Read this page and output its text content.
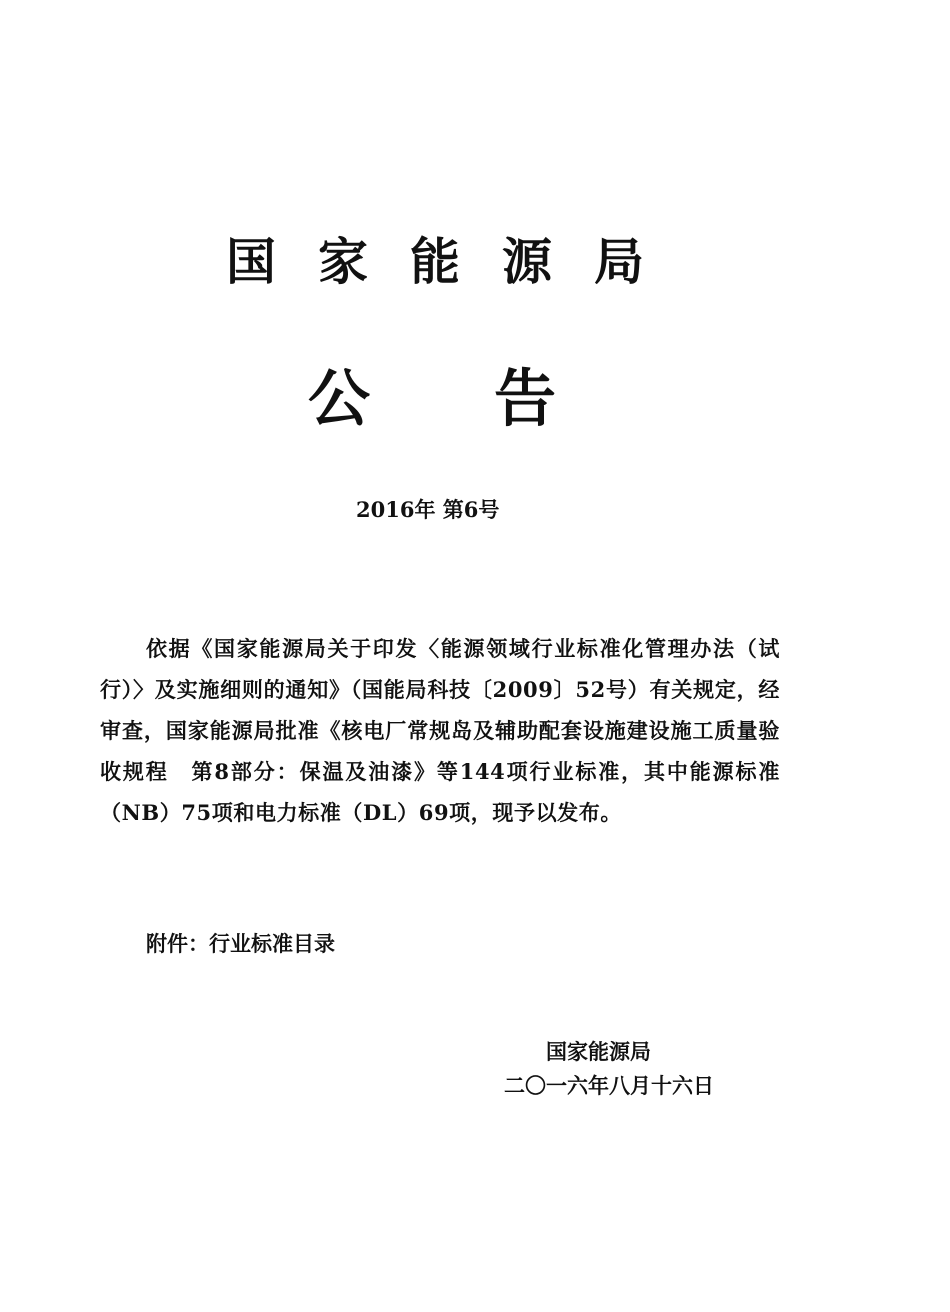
国家能源局
公告
2016年 第6号
依据《国家能源局关于印发〈能源领域行业标准化管理办法（试行）〉及实施细则的通知》（国能局科技〔2009〕52号）有关规定，经审查，国家能源局批准《核电厂常规岛及辅助配套设施建设施工质量验收规程　第8部分：保温及油漆》等144项行业标准，其中能源标准（NB）75项和电力标准（DL）69项，现予以发布。
附件：行业标准目录
国家能源局
二〇一六年八月十六日
